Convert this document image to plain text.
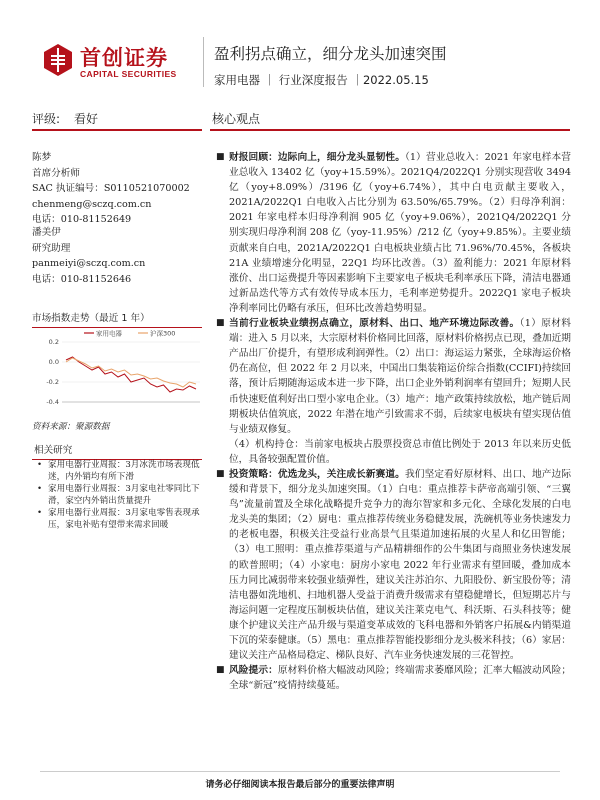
首创证券
CAPITAL SECURITIES
盈利拐点确立，细分龙头加速突围
家用电器 ｜ 行业深度报告 ｜2022.05.15
评级: 看好	核心观点
陈梦
首席分析师
SAC 执证编号：S0110521070002
chenmeng@sczq.com.cn
电话：010-81152649
潘美伊
研究助理
panmeiyi@sczq.com.cn
电话：010-81152646
市场指数走势（最近 1 年）
0.2
0.0
-0.2
-0.4
家用电器	沪深300
资料来源：聚源数据
相关研究
• 家用电器行业周报：3月冰洗市场表现低迷，内外销均有所下滑
• 家用电器行业周报：3月家电社零同比下滑，家空内外销出货量提升
• 家用电器行业周报：3月家电零售表现承压，家电补贴有望带来需求回暖
■ 财报回顾：边际向上，细分龙头显韧性。（1）营业总收入：2021 年家电样本营业总收入 13402 亿（yoy+15.59%）。2021Q4/2022Q1 分别实现营收 3494 亿（yoy+8.09%）/3196 亿（yoy+6.74%），其中白电贡献主要收入，2021A/2022Q1 白电收入占比分别为 63.50%/65.79%。（2）归母净利润：2021 年家电样本归母净利润 905 亿（yoy+9.06%），2021Q4/2022Q1 分别实现归母净利润 208 亿（yoy-11.95%）/212 亿（yoy+9.85%）。主要业绩贡献来自白电，2021A/2022Q1 白电板块业绩占比 71.96%/70.45%，各板块 21A 业绩增速分化明显，22Q1 均环比改善。（3）盈利能力：2021 年原材料涨价、出口运费提升等因素影响下主要家电子板块毛利率承压下降，清洁电器通过新品迭代等方式有效传导成本压力，毛利率逆势提升。2022Q1 家电子板块净利率同比仍略有承压，但环比改善趋势明显。
■ 当前行业板块业绩拐点确立，原材料、出口、地产环境边际改善。（1）原材料端：进入 5 月以来，大宗原材料价格同比回落，原材料价格拐点已现，叠加近期产品出厂价提升，有望形成利润弹性。（2）出口：海运运力紧张，全球海运价格仍在高位，但 2022 年 2 月以来，中国出口集装箱运价综合指数(CCIFI)持续回落，预计后期随海运成本进一步下降，出口企业外销利润率有望回升；短期人民币快速贬值利好出口型小家电企业。（3）地产：地产政策持续放松，地产链后周期板块估值筑底，2022 年潜在地产引致需求不弱，后续家电板块有望实现估值与业绩双修复。
（4）机构持仓：当前家电板块占股票投资总市值比例处于 2013 年以来历史低位，具备较强配置价值。
■ 投资策略：优选龙头，关注成长新赛道。我们坚定看好原材料、出口、地产边际缓和背景下，细分龙头加速突围。（1）白电：重点推荐卡萨帝高端引领、“三翼鸟”流量前置及全球化战略提升竞争力的海尔智家和多元化、全球化发展的白电龙头美的集团；（2）厨电：重点推荐传统业务稳健发展，洗碗机等业务快速发力的老板电器，积极关注受益行业高景气且渠道加速拓展的火星人和亿田智能；（3）电工照明：重点推荐渠道与产品精耕细作的公牛集团与商照业务快速发展的欧普照明；（4）小家电：厨房小家电 2022 年行业需求有望回暖，叠加成本压力同比减弱带来较强业绩弹性，建议关注苏泊尔、九阳股份、新宝股份等；清洁电器如洗地机、扫地机器人受益于消费升级需求有望稳健增长，但短期芯片与海运问题一定程度压制板块估值，建议关注莱克电气、科沃斯、石头科技等；健康个护建议关注产品升级与渠道变革成效的飞科电器和外销客户拓展&内销渠道下沉的荣泰健康。（5）黑电：重点推荐智能投影细分龙头极米科技；（6）家居：建议关注产品格局稳定、梯队良好、汽车业务快速发展的三花智控。
■ 风险提示：原材料价格大幅波动风险；终端需求萎靡风险；汇率大幅波动风险；全球“新冠”疫情持续蔓延。
请务必仔细阅读本报告最后部分的重要法律声明
